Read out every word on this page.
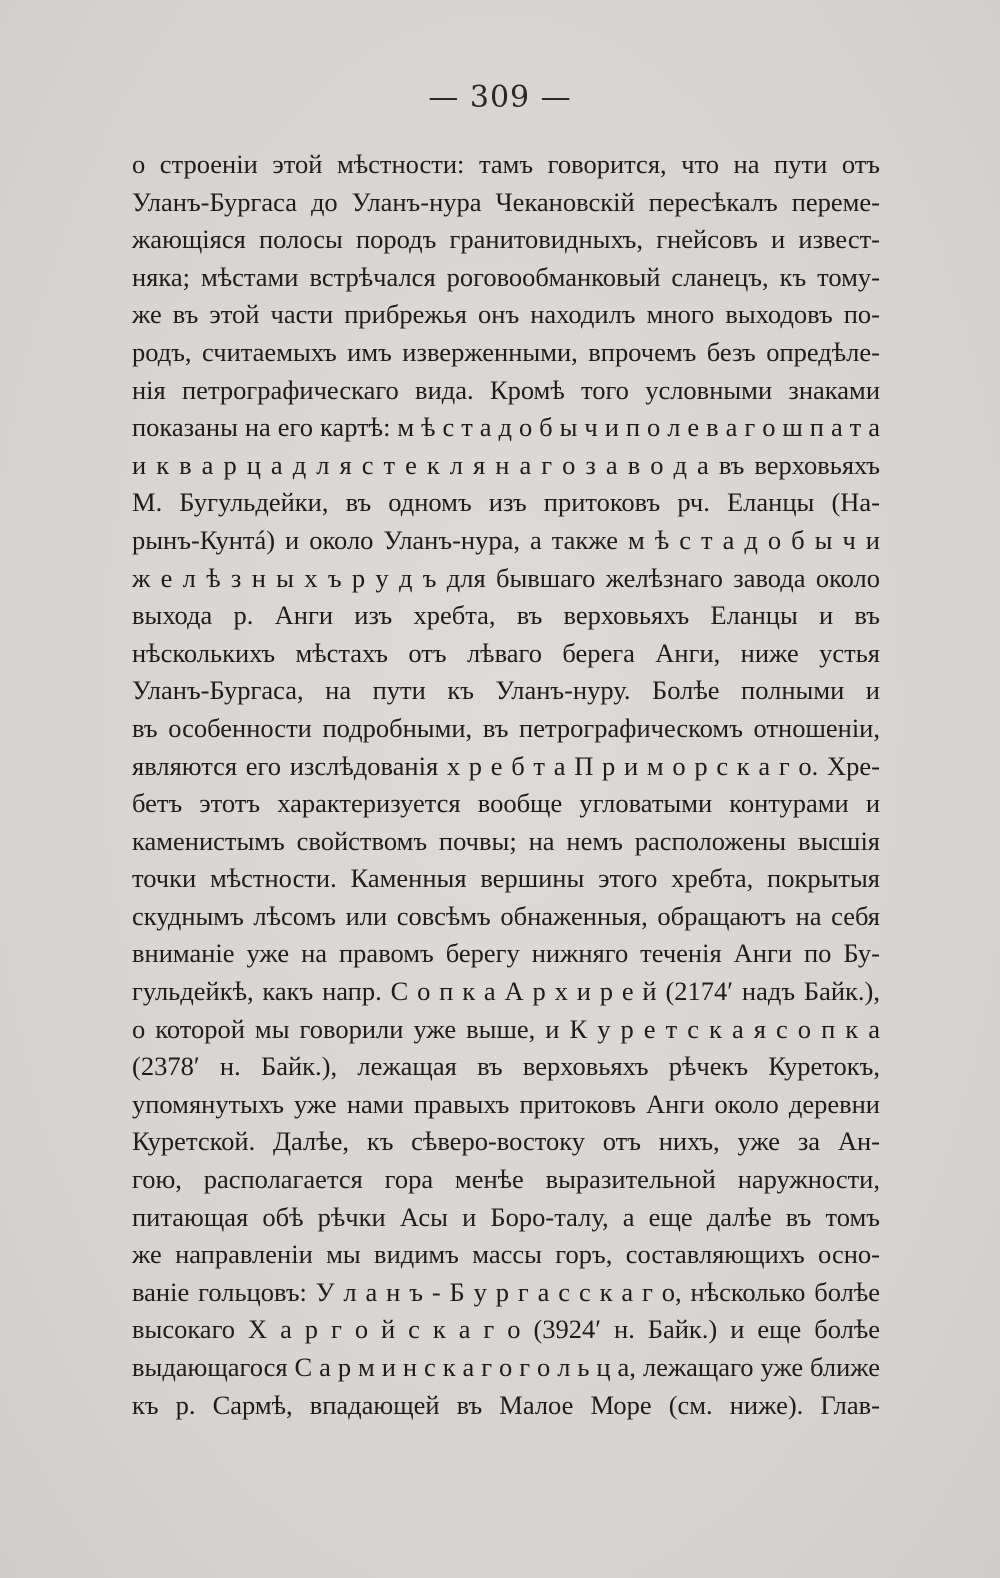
— 309 —
о строеніи этой мѣстности: тамъ говорится, что на пути отъ
Уланъ-Бургаса до Уланъ-нура Чекановскій пересѣкалъ переме-
жающіяся полосы породъ гранитовидныхъ, гнейсовъ и извест-
няка; мѣстами встрѣчался роговообманковый сланецъ, къ тому-
же въ этой части прибрежья онъ находилъ много выходовъ по-
родъ, считаемыхъ имъ изверженными, впрочемъ безъ опредѣле-
нія петрографическаго вида. Кромѣ того условными знаками
показаны на его картѣ: м ѣ с т а д о б ы ч и п о л е в а г о ш п а т а
и к в а р ц а д л я с т е к л я н а г о з а в о д а въ верховьяхъ
М. Бугульдейки, въ одномъ изъ притоковъ рч. Еланцы (На-
рынъ-Кунтá) и около Уланъ-нура, а также м ѣ с т а д о б ы ч и
ж е л ѣ з н ы х ъ р у д ъ для бывшаго желѣзнаго завода около
выхода р. Анги изъ хребта, въ верховьяхъ Еланцы и въ
нѣсколькихъ мѣстахъ отъ лѣваго берега Анги, ниже устья
Уланъ-Бургаса, на пути къ Уланъ-нуру. Болѣе полными и
въ особенности подробными, въ петрографическомъ отношеніи,
являются его изслѣдованія х р е б т а П р и м о р с к а г о. Хре-
бетъ этотъ характеризуется вообще угловатыми контурами и
каменистымъ свойствомъ почвы; на немъ расположены высшія
точки мѣстности. Каменныя вершины этого хребта, покрытыя
скуднымъ лѣсомъ или совсѣмъ обнаженныя, обращаютъ на себя
вниманіе уже на правомъ берегу нижняго теченія Анги по Бу-
гульдейкѣ, какъ напр. С о п к а А р х и р е й (2174′ надъ Байк.),
о которой мы говорили уже выше, и К у р е т с к а я с о п к а
(2378′ н. Байк.), лежащая въ верховьяхъ рѣчекъ Куретокъ,
упомянутыхъ уже нами правыхъ притоковъ Анги около деревни
Куретской. Далѣе, къ сѣверо-востоку отъ нихъ, уже за Ан-
гою, располагается гора менѣе выразительной наружности,
питающая обѣ рѣчки Асы и Боро-талу, а еще далѣе въ томъ
же направленіи мы видимъ массы горъ, составляющихъ осно-
ваніе гольцовъ: У л а н ъ - Б у р г а с с к а г о, нѣсколько болѣе
высокаго Х а р г о й с к а г о (3924′ н. Байк.) и еще болѣе
выдающагося С а р м и н с к а г о г о л ь ц а, лежащаго уже ближе
къ р. Сармѣ, впадающей въ Малое Море (см. ниже). Глав-
